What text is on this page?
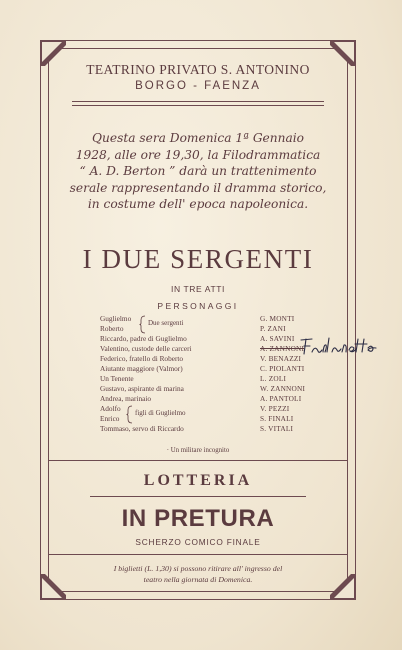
TEATRINO PRIVATO S. ANTONINO
BORGO - FAENZA
Questa sera Domenica 1ª Gennaio
1928, alle ore 19,30, la Filodrammatica
“ A. D. Berton ” darà un trattenimento
serale rappresentando il dramma storico,
in costume dell' epoca napoleonica.
I DUE SERGENTI
IN TRE ATTI
PERSONAGGI
Guglielmo	G. MONTI
Roberto	P. ZANI
Due sergenti
Riccardo, padre di Guglielmo	A. SAVINI
Valentino, custode delle carceri	A. ZANNONI
Federico, fratello di Roberto	V. BENAZZI
Aiutante maggiore (Valmor)	C. PIOLANTI
Un Tenente	L. ZOLI
Gustavo, aspirante di marina	W. ZANNONI
Andrea, marinaio	A. PANTOLI
Adolfo	V. PEZZI
Enrico	S. FINALI
figli di Guglielmo
Tommaso, servo di Riccardo	S. VITALI
· Un militare incognito
LOTTERIA
IN PRETURA
SCHERZO COMICO FINALE
I biglietti (L. 1,30) si possono ritirare all' ingresso del
teatro nella giornata di Domenica.
